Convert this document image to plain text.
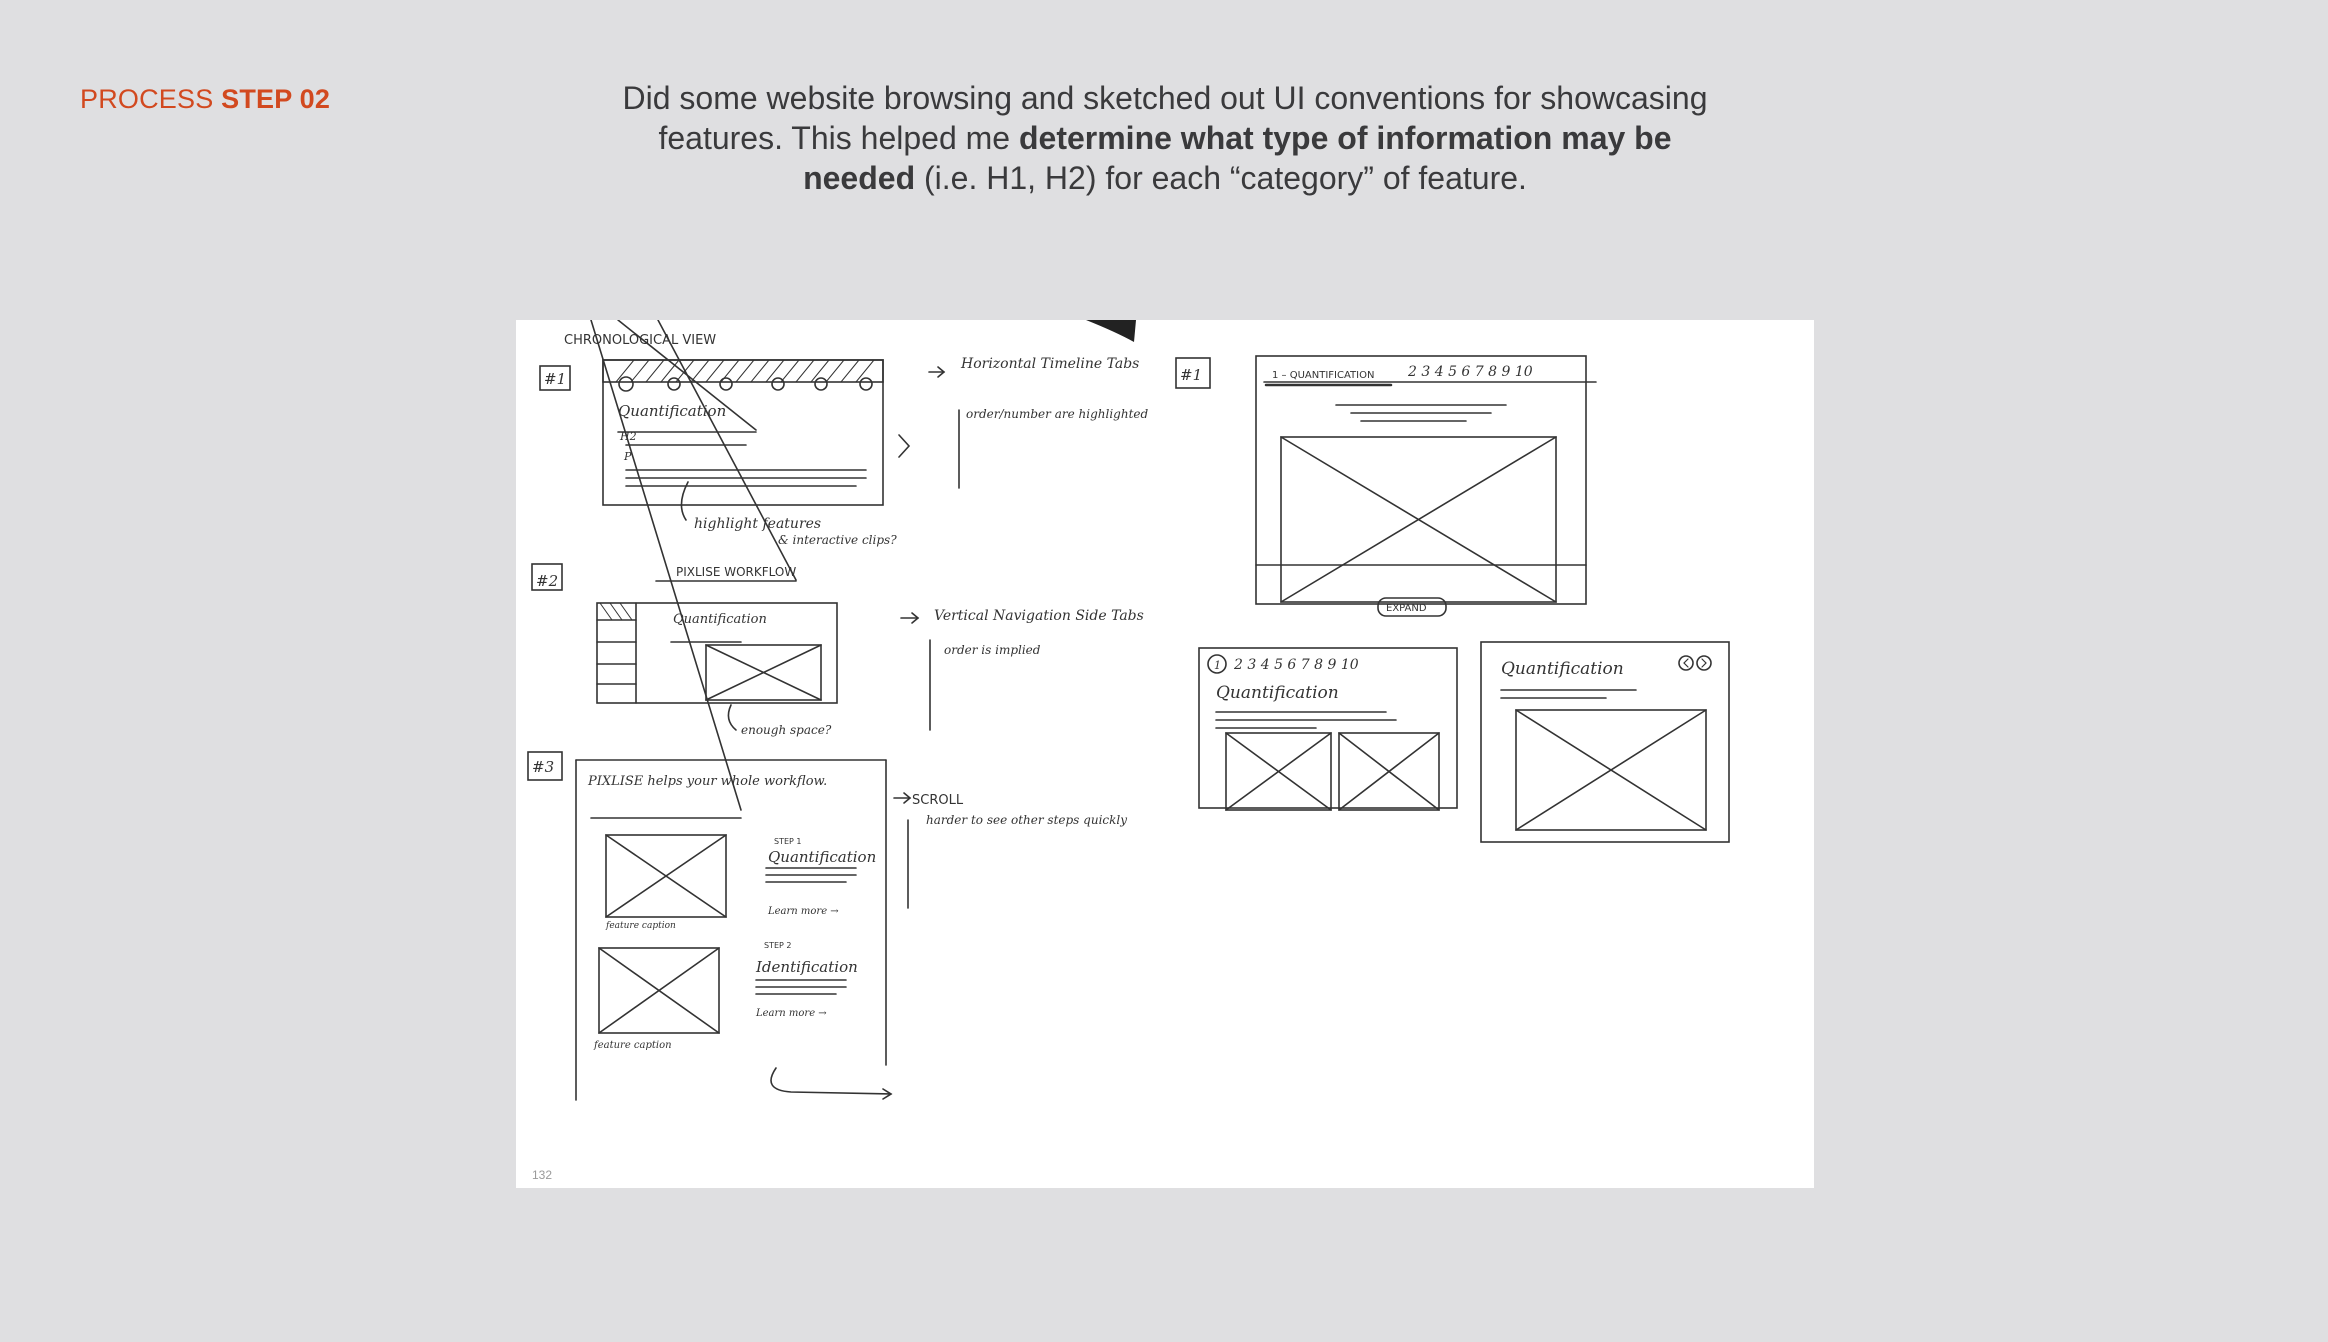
PROCESS STEP 02	Did some website browsing and sketched out UI conventions for showcasing features. This helped me determine what type of information may be needed (i.e. H1, H2) for each “category” of feature.
CHRONOLOGICAL VIEW
#1
Quantification
H2
P
highlight features
& interactive clips?
Horizontal Timeline Tabs
order/number are highlighted
#2	PIXLISE WORKFLOW
Quantification
enough space?
Vertical Navigation Side Tabs
order is implied
#3
PIXLISE helps your whole workflow.
STEP 1
Quantification
Learn more →
feature caption
STEP 2
Identification
Learn more →
feature caption
SCROLL
harder to see other steps quickly
#1	1 – QUANTIFICATION 2 3 4 5 6 7 8 9 10
EXPAND
1 2 3 4 5 6 7 8 9 10
Quantification
Quantification
132
